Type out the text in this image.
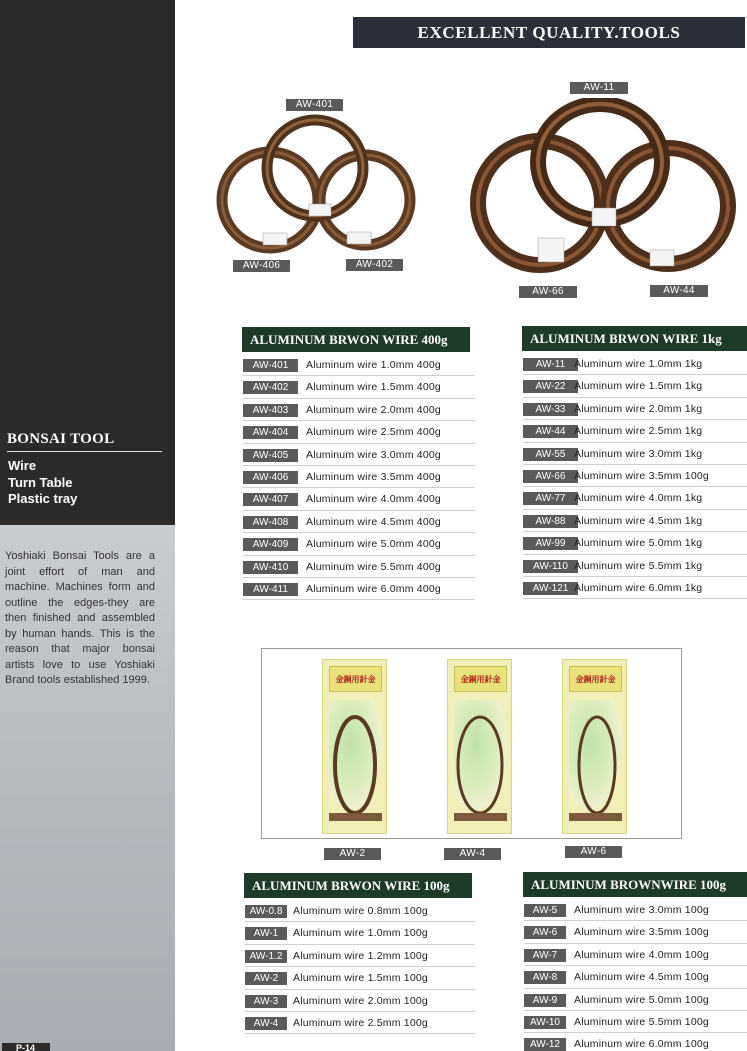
BONSAI TOOL
Wire
Turn Table
Plastic tray
Yoshiaki Bonsai Tools are a joint effort of man and machine. Machines form and outline the edges-they are then finished and assembled by human hands. This is the reason that major bonsai artists love to use Yoshiaki Brand tools established 1999.
P-14
EXCELLENT QUALITY.TOOLS
AW-401
AW-406	AW-402
AW-11
AW-66	AW-44
ALUMINUM BRWON WIRE 400g
AW-401	Aluminum wire 1.0mm 400g
AW-402	Aluminum wire 1.5mm 400g
AW-403	Aluminum wire 2.0mm 400g
AW-404	Aluminum wire 2.5mm 400g
AW-405	Aluminum wire 3.0mm 400g
AW-406	Aluminum wire 3.5mm 400g
AW-407	Aluminum wire 4.0mm 400g
AW-408	Aluminum wire 4.5mm 400g
AW-409	Aluminum wire 5.0mm 400g
AW-410	Aluminum wire 5.5mm 400g
AW-411	Aluminum wire 6.0mm 400g
ALUMINUM BRWON WIRE 1kg
AW-11 Aluminum wire 1.0mm 1kg
AW-22 Aluminum wire 1.5mm 1kg
AW-33 Aluminum wire 2.0mm 1kg
AW-44 Aluminum wire 2.5mm 1kg
AW-55 Aluminum wire 3.0mm 1kg
AW-66 Aluminum wire 3.5mm 100g
AW-77 Aluminum wire 4.0mm 1kg
AW-88 Aluminum wire 4.5mm 1kg
AW-99 Aluminum wire 5.0mm 1kg
AW-110 Aluminum wire 5.5mm 1kg
AW-121 Aluminum wire 6.0mm 1kg
金銅用針金	金銅用針金	金銅用針金
AW-2	AW-4	AW-6
ALUMINUM BRWON WIRE 100g
AW-0.8	Aluminum wire 0.8mm 100g
AW-1	Aluminum wire 1.0mm 100g
AW-1.2	Aluminum wire 1.2mm 100g
AW-2	Aluminum wire 1.5mm 100g
AW-3	Aluminum wire 2.0mm 100g
AW-4	Aluminum wire 2.5mm 100g
ALUMINUM BROWNWIRE 100g
AW-5	Aluminum wire 3.0mm 100g
AW-6	Aluminum wire 3.5mm 100g
AW-7	Aluminum wire 4.0mm 100g
AW-8	Aluminum wire 4.5mm 100g
AW-9	Aluminum wire 5.0mm 100g
AW-10	Aluminum wire 5.5mm 100g
AW-12	Aluminum wire 6.0mm 100g
